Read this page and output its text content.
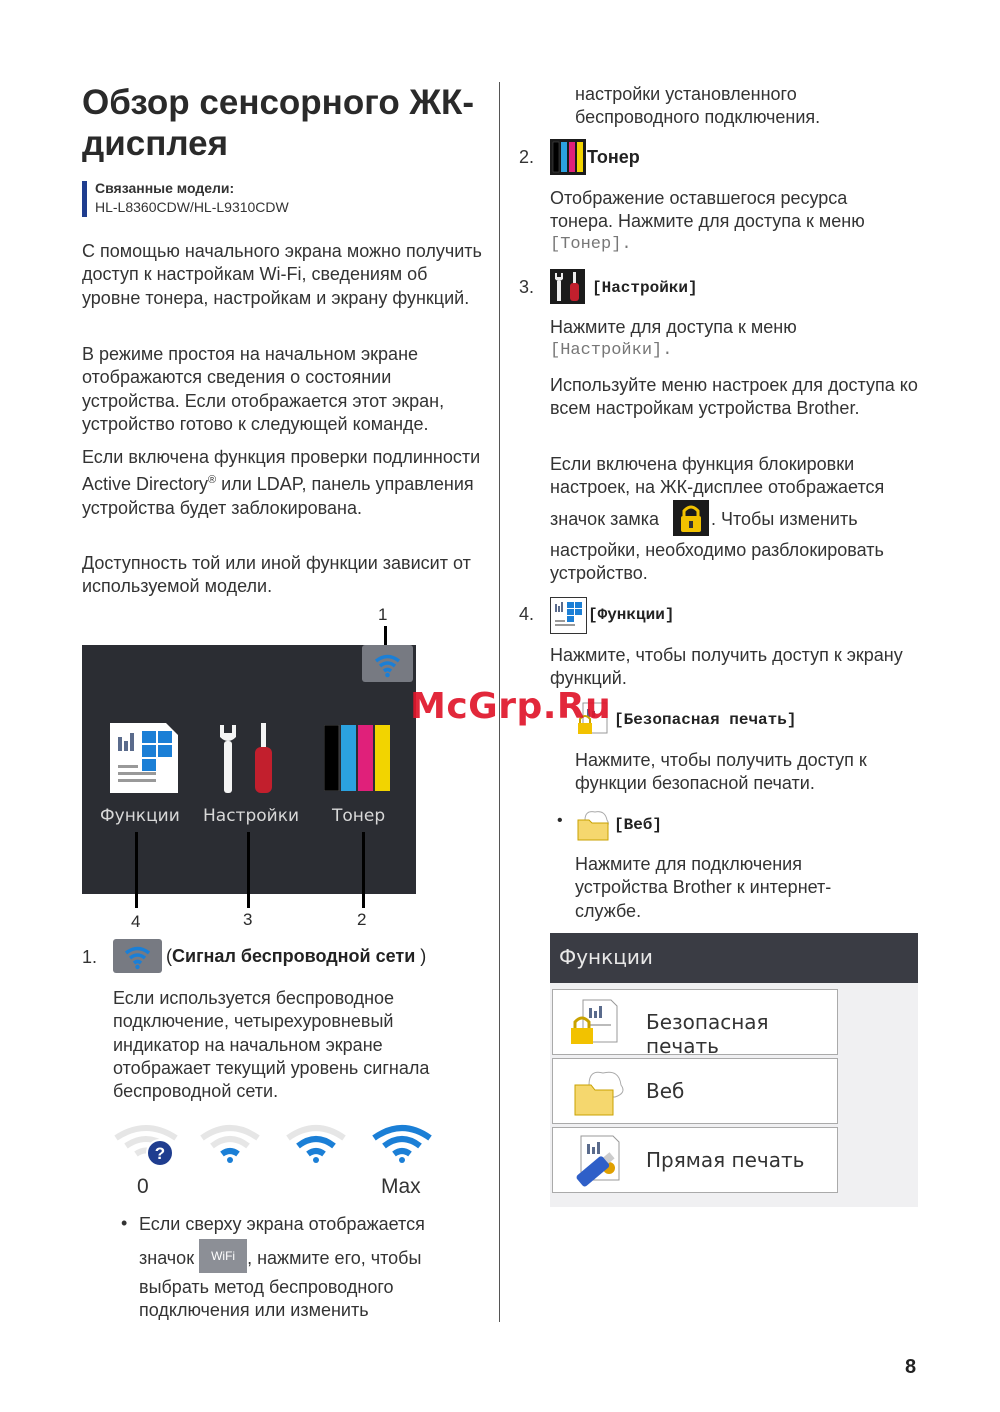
Обзор сенсорного ЖК-дисплея
Связанные модели:
HL-L8360CDW/HL-L9310CDW

С помощью начального экрана можно получить доступ к настройкам Wi-Fi, сведениям об уровне тонера, настройкам и экрану функций.

В режиме простоя на начальном экране отображаются сведения о состоянии устройства. Если отображается этот экран, устройство готово к следующей команде.

Если включена функция проверки подлинности Active Directory® или LDAP, панель управления устройства будет заблокирована.

Доступность той или иной функции зависит от используемой модели.

1
Функции Настройки Тонер
4	3	2
1.	(Сигнал беспроводной сети )

Если используется беспроводное подключение, четырехуровневый индикатор на начальном экране отображает текущий уровень сигнала беспроводной сети.

?
0	Max
• Если сверху экрана отображается
значок WiFi , нажмите его, чтобы
выбрать метод беспроводного
подключения или изменить

настройки установленного беспроводного подключения.

2.	Тонер

Отображение оставшегося ресурса тонера. Нажмите для доступа к меню

[Тонер].
3.	[Настройки]

Нажмите для доступа к меню

[Настройки].

Используйте меню настроек для доступа ко всем настройкам устройства Brother.

Если включена функция блокировки настроек, на ЖК-дисплее отображается

значок замка	. Чтобы изменить

настройки, необходимо разблокировать устройство.

4.	[Функции]

Нажмите, чтобы получить доступ к экрану функций.

[Безопасная печать]

Нажмите, чтобы получить доступ к функции безопасной печати.

•	[Веб]

Нажмите для подключения устройства Brother к интернет-службе.

Функции
Безопасная печать
Веб
Прямая печать
McGrp.Ru
8
